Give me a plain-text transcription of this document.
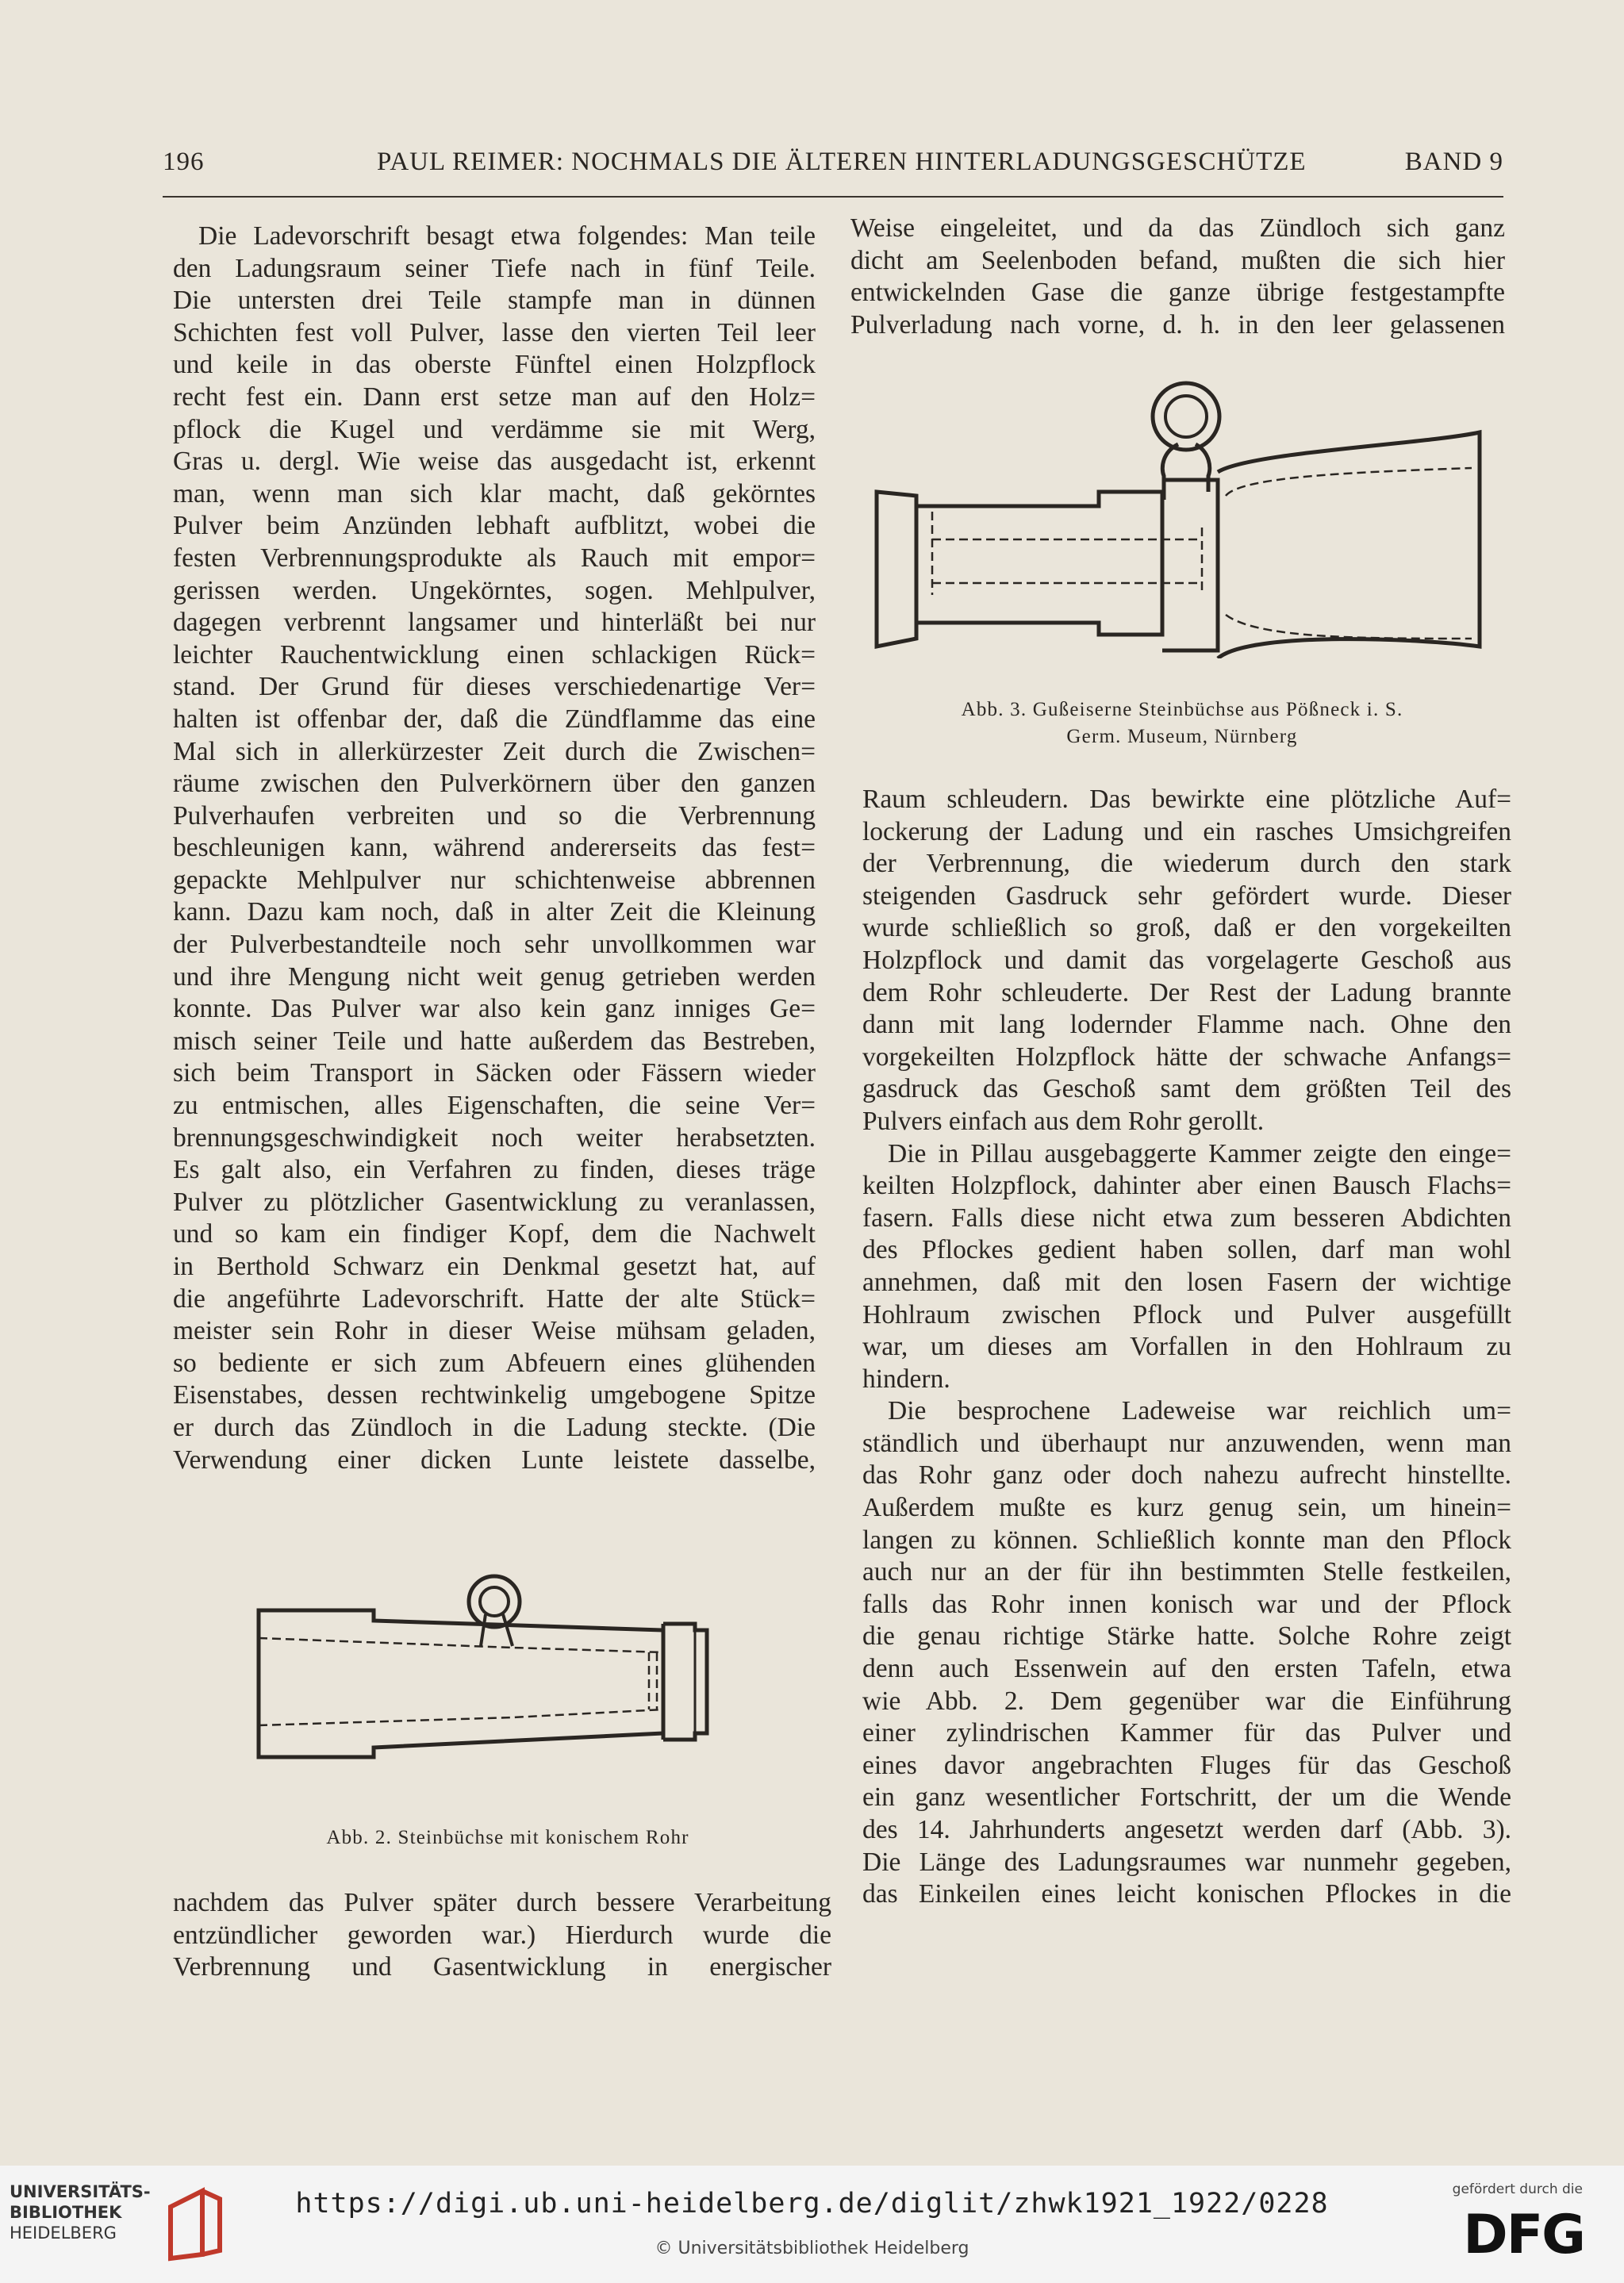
196	PAUL REIMER: NOCHMALS DIE ÄLTEREN HINTERLADUNGSGESCHÜTZE	BAND 9
Die Ladevorschrift besagt etwa folgendes: Man teile
den Ladungsraum seiner Tiefe nach in fünf Teile.
Die untersten drei Teile stampfe man in dünnen
Schichten fest voll Pulver, lasse den vierten Teil leer
und keile in das oberste Fünftel einen Holzpflock
recht fest ein. Dann erst setze man auf den Holz=
pflock die Kugel und verdämme sie mit Werg,
Gras u. dergl. Wie weise das ausgedacht ist, erkennt
man, wenn man sich klar macht, daß gekörntes
Pulver beim Anzünden lebhaft aufblitzt, wobei die
festen Verbrennungsprodukte als Rauch mit empor=
gerissen werden. Ungekörntes, sogen. Mehlpulver,
dagegen verbrennt langsamer und hinterläßt bei nur
leichter Rauchentwicklung einen schlackigen Rück=
stand. Der Grund für dieses verschiedenartige Ver=
halten ist offenbar der, daß die Zündflamme das eine
Mal sich in allerkürzester Zeit durch die Zwischen=
räume zwischen den Pulverkörnern über den ganzen
Pulverhaufen verbreiten und so die Verbrennung
beschleunigen kann, während andererseits das fest=
gepackte Mehlpulver nur schichtenweise abbrennen
kann. Dazu kam noch, daß in alter Zeit die Kleinung
der Pulverbestandteile noch sehr unvollkommen war
und ihre Mengung nicht weit genug getrieben werden
konnte. Das Pulver war also kein ganz inniges Ge=
misch seiner Teile und hatte außerdem das Bestreben,
sich beim Transport in Säcken oder Fässern wieder
zu entmischen, alles Eigenschaften, die seine Ver=
brennungsgeschwindigkeit noch weiter herabsetzten.
Es galt also, ein Verfahren zu finden, dieses träge
Pulver zu plötzlicher Gasentwicklung zu veranlassen,
und so kam ein findiger Kopf, dem die Nachwelt
in Berthold Schwarz ein Denkmal gesetzt hat, auf
die angeführte Ladevorschrift. Hatte der alte Stück=
meister sein Rohr in dieser Weise mühsam geladen,
so bediente er sich zum Abfeuern eines glühenden
Eisenstabes, dessen rechtwinkelig umgebogene Spitze
er durch das Zündloch in die Ladung steckte. (Die
Verwendung einer dicken Lunte leistete dasselbe,
Abb. 2. Steinbüchse mit konischem Rohr
nachdem das Pulver später durch bessere Verarbeitung
entzündlicher geworden war.) Hierdurch wurde die
Verbrennung und Gasentwicklung in energischer
Weise eingeleitet, und da das Zündloch sich ganz
dicht am Seelenboden befand, mußten die sich hier
entwickelnden Gase die ganze übrige festgestampfte
Pulverladung nach vorne, d. h. in den leer gelassenen
Abb. 3. Gußeiserne Steinbüchse aus Pößneck i. S.
Germ. Museum, Nürnberg
Raum schleudern. Das bewirkte eine plötzliche Auf=
lockerung der Ladung und ein rasches Umsichgreifen
der Verbrennung, die wiederum durch den stark
steigenden Gasdruck sehr gefördert wurde. Dieser
wurde schließlich so groß, daß er den vorgekeilten
Holzpflock und damit das vorgelagerte Geschoß aus
dem Rohr schleuderte. Der Rest der Ladung brannte
dann mit lang lodernder Flamme nach. Ohne den
vorgekeilten Holzpflock hätte der schwache Anfangs=
gasdruck das Geschoß samt dem größten Teil des
Pulvers einfach aus dem Rohr gerollt.
Die in Pillau ausgebaggerte Kammer zeigte den einge=
keilten Holzpflock, dahinter aber einen Bausch Flachs=
fasern. Falls diese nicht etwa zum besseren Abdichten
des Pflockes gedient haben sollen, darf man wohl
annehmen, daß mit den losen Fasern der wichtige
Hohlraum zwischen Pflock und Pulver ausgefüllt
war, um dieses am Vorfallen in den Hohlraum zu
hindern.
Die besprochene Ladeweise war reichlich um=
ständlich und überhaupt nur anzuwenden, wenn man
das Rohr ganz oder doch nahezu aufrecht hinstellte.
Außerdem mußte es kurz genug sein, um hinein=
langen zu können. Schließlich konnte man den Pflock
auch nur an der für ihn bestimmten Stelle festkeilen,
falls das Rohr innen konisch war und der Pflock
die genau richtige Stärke hatte. Solche Rohre zeigt
denn auch Essenwein auf den ersten Tafeln, etwa
wie Abb. 2. Dem gegenüber war die Einführung
einer zylindrischen Kammer für das Pulver und
eines davor angebrachten Fluges für das Geschoß
ein ganz wesentlicher Fortschritt, der um die Wende
des 14. Jahrhunderts angesetzt werden darf (Abb. 3).
Die Länge des Ladungsraumes war nunmehr gegeben,
das Einkeilen eines leicht konischen Pflockes in die
UNIVERSITÄTS-
BIBLIOTHEK
HEIDELBERG
https://digi.ub.uni-heidelberg.de/diglit/zhwk1921_1922/0228
© Universitätsbibliothek Heidelberg
gefördert durch die
DFG
